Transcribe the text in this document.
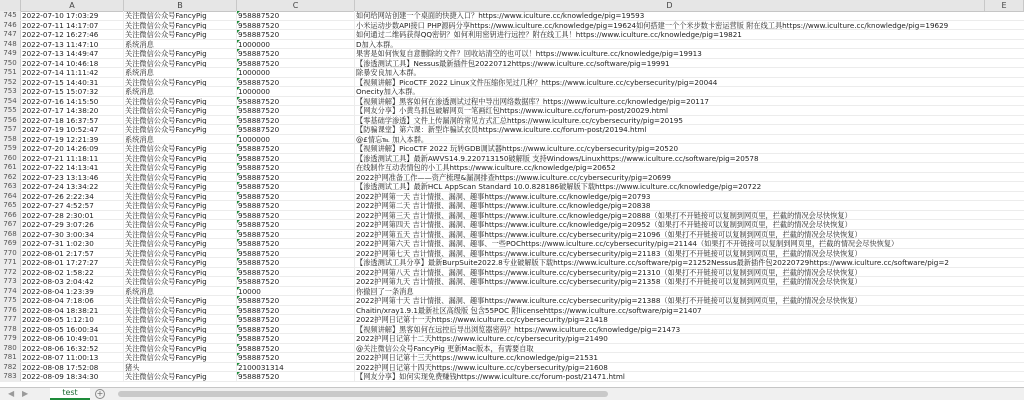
A	B	C	D	E
745 2022-07-10 17:03:29	关注微信公众号FancyPig	958887520	如何给网站创建一个桌面的快捷入口？https://www.iculture.cc/knowledge/pig=19593
746 2022-07-11 14:17:07	关注微信公众号FancyPig	958887520	小米运动步数API接口 PHP源码分享https://www.iculture.cc/knowledge/pig=19624如何搭建一个个米步数卡密运营版 附在线工具https://www.iculture.cc/knowledge/pig=19629
747 2022-07-12 16:27:46	关注微信公众号FancyPig	958887520	如何通过二维码获得QQ密钥？如何利用密钥进行远控？附在线工具！https://www.iculture.cc/knowledge/pig=19821
748 2022-07-13 11:47:10	系统消息	1000000	D加入本群。
749 2022-07-13 14:49:47	关注微信公众号FancyPig	958887520	果害是如何恢复自意删除的文件？回收站清空的也可以！https://www.iculture.cc/knowledge/pig=19913
750 2022-07-14 10:46:18	关注微信公众号FancyPig	958887520	【渗透测试工具】Nessus最新插件包20220712https://www.iculture.cc/software/pig=19991
751 2022-07-14 11:11:42	系统消息	1000000	除暴安良加入本群。
752 2022-07-15 14:40:31	关注微信公众号FancyPig	958887520	【视频讲解】PicoCTF 2022 Linux文件压缩你见过几种？https://www.iculture.cc/cybersecurity/pig=20044
753 2022-07-15 15:07:32	系统消息	1000000	Onecity加入本群。
754 2022-07-16 14:15:50	关注微信公众号FancyPig	958887520	【视频讲解】黑客如何在渗透测试过程中导出网络数据库？https://www.iculture.cc/knowledge/pig=20117
755 2022-07-17 14:38:20	关注微信公众号FancyPig	958887520	【网友分享】小黄鸟抓包破解网页一笔画红包https://www.iculture.cc/forum-post/20029.html
756 2022-07-18 16:37:57	关注微信公众号FancyPig	958887520	【零基础学渗透】文件上传漏洞的常见方式汇总https://www.iculture.cc/cybersecurity/pig=20195
757 2022-07-19 10:52:47	关注微信公众号FancyPig	958887520	【防骗课堂】第六课：新型诈骗试衣员https://www.iculture.cc/forum-post/20194.html
758 2022-07-19 12:21:39	系统消息	1000000	@£情忘℡ 加入本群。
759 2022-07-20 14:26:09	关注微信公众号FancyPig	958887520	【视频讲解】PicoCTF 2022 玩转GDB调试器https://www.iculture.cc/cybersecurity/pig=20520
760 2022-07-21 11:18:11	关注微信公众号FancyPig	958887520	【渗透测试工具】最新AWVS14.9.220713150破解版 支持Windows/Linuxhttps://www.iculture.cc/software/pig=20578
761 2022-07-22 14:13:41	关注微信公众号FancyPig	958887520	在线制作互动表情包的小工具https://www.iculture.cc/knowledge/pig=20652
762 2022-07-23 13:13:46	关注微信公众号FancyPig	958887520	2022护网准备工作——资产梳理&漏洞排查https://www.iculture.cc/cybersecurity/pig=20699
763 2022-07-24 13:34:22	关注微信公众号FancyPig	958887520	【渗透测试工具】最新HCL AppScan Standard 10.0.828186破解版下载https://www.iculture.cc/knowledge/pig=20722
764 2022-07-26 2:22:34	关注微信公众号FancyPig	958887520	2022护网第一天 吉计情报、漏洞、趣事https://www.iculture.cc/knowledge/pig=20793
765 2022-07-27 4:52:57	关注微信公众号FancyPig	958887520	2022护网第二天 吉计情报、漏洞、趣事https://www.iculture.cc/knowledge/pig=20838
766 2022-07-28 2:30:01	关注微信公众号FancyPig	958887520	2022护网第三天 吉计情报、漏洞、趣事https://www.iculture.cc/knowledge/pig=20888（如果打不开链接可以复制到网页里，拦截的情况会尽快恢复）
767 2022-07-29 3:07:26	关注微信公众号FancyPig	958887520	2022护网第四天 吉计情报、漏洞、趣事https://www.iculture.cc/knowledge/pig=20952（如果打不开链接可以复制到网页里，拦截的情况会尽快恢复）
768 2022-07-30 3:00:34	关注微信公众号FancyPig	958887520	2022护网第五天 吉计情报、漏洞、趣事https://www.iculture.cc/cybersecurity/pig=21096（如果打不开链接可以复制到网页里，拦截的情况会尽快恢复）
769 2022-07-31 1:02:30	关注微信公众号FancyPig	958887520	2022护网第六天 吉计情报、漏洞、趣事、一些POChttps://www.iculture.cc/cybersecurity/pig=21144（如果打不开链接可以复制到网页里，拦截的情况会尽快恢复）
770 2022-08-01 2:17:57	关注微信公众号FancyPig	958887520	2022护网第七天 吉计情报、漏洞、趣事https://www.iculture.cc/cybersecurity/pig=21183（如果打不开链接可以复制到网页里，拦截的情况会尽快恢复）
771 2022-08-01 17:27:27	关注微信公众号FancyPig	958887520	【渗透测试工具分享】最新BurpSuite2022.8专业破解版下载https://www.iculture.cc/software/pig=21252Nessus最新插件包20220729https://www.iculture.cc/software/pig=2
772 2022-08-02 1:58:22	关注微信公众号FancyPig	958887520	2022护网第八天 吉计情报、漏洞、趣事https://www.iculture.cc/cybersecurity/pig=21310（如果打不开链接可以复制到网页里，拦截的情况会尽快恢复）
773 2022-08-03 2:04:42	关注微信公众号FancyPig	958887520	2022护网第九天 吉计情报、漏洞、趣事https://www.iculture.cc/cybersecurity/pig=21358（如果打不开链接可以复制到网页里，拦截的情况会尽快恢复）
774 2022-08-04 1:23:39	系统消息	10000	你撤回了一条消息
775 2022-08-04 7:18:06	关注微信公众号FancyPig	958887520	2022护网第十天 吉计情报、漏洞、趣事https://www.iculture.cc/cybersecurity/pig=21388（如果打不开链接可以复制到网页里，拦截的情况会尽快恢复）
776 2022-08-04 18:38:21	关注微信公众号FancyPig	958887520	Chaitin/xray1.9.1最新社区高级版 包含55POC 附licensehttps://www.iculture.cc/software/pig=21407
777 2022-08-05 1:12:10	关注微信公众号FancyPig	958887520	2022护网日记第十一天https://www.iculture.cc/cybersecurity/pig=21418
778 2022-08-05 16:00:34	关注微信公众号FancyPig	958887520	【视频讲解】黑客如何在远控后导出浏览器密码？https://www.iculture.cc/knowledge/pig=21473
779 2022-08-06 10:49:01	关注微信公众号FancyPig	958887520	2022护网日记第十二天https://www.iculture.cc/cybersecurity/pig=21490
780 2022-08-06 16:32:52	关注微信公众号FancyPig	958887520	@关注微信公众号FancyPig 更新Mac版本，有需要自取
781 2022-08-07 11:00:13	关注微信公众号FancyPig	958887520	2022护网日记第十三天https://www.iculture.cc/knowledge/pig=21531
782 2022-08-08 17:52:08	猪头	2100031314	2022护网日记第十四天https://www.iculture.cc/cybersecurity/pig=21608
783 2022-08-09 18:34:30	关注微信公众号FancyPig	958887520	【网友分享】如何实现免费赚钱https://www.iculture.cc/forum-post/21471.html
◀ ▶	test	+
